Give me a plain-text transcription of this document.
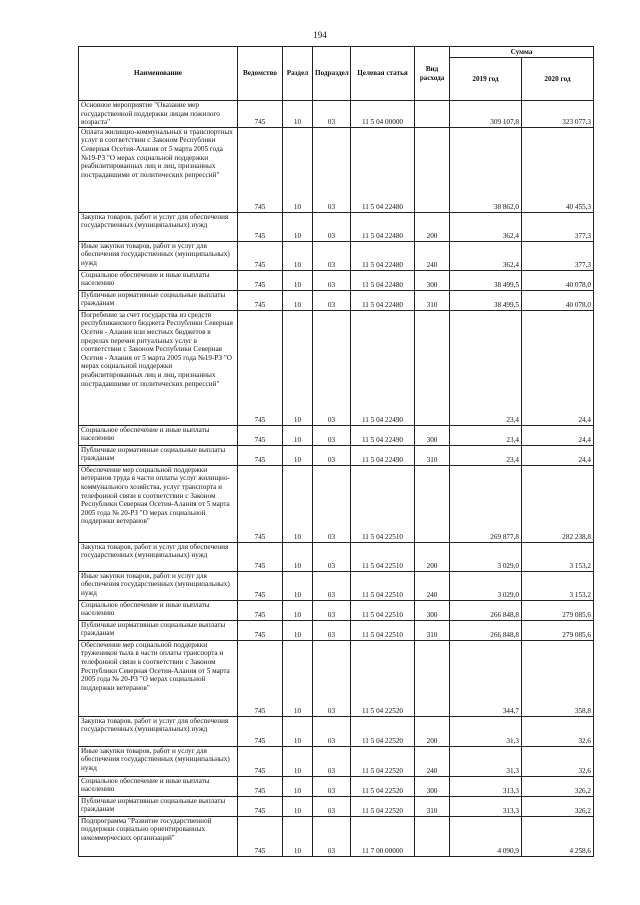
194
Наименование	Ведомство	Раздел	Подраздел	Целевая статья	Вид расхода	Сумма	
						2019 год	2020 год
Основное мероприятие "Оказание мер государственной поддержки лицам пожилого возраста"	745	10	03	11 5 04 00000		309 107,8	323 077,3
Оплата жилищно-коммунальных и транспортных услуг в соответствии с Законом Республики Северная Осетия-Алания от 5 марта 2005 года №19-РЗ "О мерах социальной поддержки реабилитированных лиц и лиц, признанных пострадавшими от политических репрессий"	745	10	03	11 5 04 22480		38 862,0	40 455,3
Закупка товаров, работ и услуг для обеспечения государственных (муниципальных) нужд	745	10	03	11 5 04 22480	200	362,4	377,3
Иные закупки товаров, работ и услуг для обеспечения государственных (муниципальных) нужд	745	10	03	11 5 04 22480	240	362,4	377,3
Социальное обеспечение и иные выплаты населению	745	10	03	11 5 04 22480	300	38 499,5	40 078,0
Публичные нормативные социальные выплаты гражданам	745	10	03	11 5 04 22480	310	38 499,5	40 078,0
Погребение за счет государства из средств республиканского бюджета Республики Северная Осетия - Алания или местных бюджетов в пределах перечня ритуальных услуг в соответствии с Законом Республики Северная Осетия - Алания от 5 марта 2005 года №19-РЗ "О мерах социальной поддержки реабилитированных лиц и лиц, признанных пострадавшими от политических репрессий"	745	10	03	11 5 04 22490		23,4	24,4
Социальное обеспечение и иные выплаты населению	745	10	03	11 5 04 22490	300	23,4	24,4
Публичные нормативные социальные выплаты гражданам	745	10	03	11 5 04 22490	310	23,4	24,4
Обеспечение мер социальной поддержки ветеранов труда в части оплаты услуг жилищно-коммунального хозяйства, услуг транспорта и телефонной связи в соответствии с Законом Республики Северная Осетия-Алания от 5 марта 2005 года № 20-РЗ "О мерах социальной поддержки ветеранов"	745	10	03	11 5 04 22510		269 877,8	282 238,8
Закупка товаров, работ и услуг для обеспечения государственных (муниципальных) нужд	745	10	03	11 5 04 22510	200	3 029,0	3 153,2
Иные закупки товаров, работ и услуг для обеспечения государственных (муниципальных) нужд	745	10	03	11 5 04 22510	240	3 029,0	3 153,2
Социальное обеспечение и иные выплаты населению	745	10	03	11 5 04 22510	300	266 848,8	279 085,6
Публичные нормативные социальные выплаты гражданам	745	10	03	11 5 04 22510	310	266 848,8	279 085,6
Обеспечение мер социальной поддержки тружеников тыла в части оплаты транспорта и телефонной связи в соответствии с Законом Республики Северная Осетия-Алания от 5 марта 2005 года № 20-РЗ "О мерах социальной поддержки ветеранов"	745	10	03	11 5 04 22520		344,7	358,8
Закупка товаров, работ и услуг для обеспечения государственных (муниципальных) нужд	745	10	03	11 5 04 22520	200	31,3	32,6
Иные закупки товаров, работ и услуг для обеспечения государственных (муниципальных) нужд	745	10	03	11 5 04 22520	240	31,3	32,6
Социальное обеспечение и иные выплаты населению	745	10	03	11 5 04 22520	300	313,3	326,2
Публичные нормативные социальные выплаты гражданам	745	10	03	11 5 04 22520	310	313,3	326,2
Подпрограмма "Развитие государственной поддержки социально ориентированных некоммерческих организаций"	745	10	03	11 7 00 00000		4 090,9	4 258,6
